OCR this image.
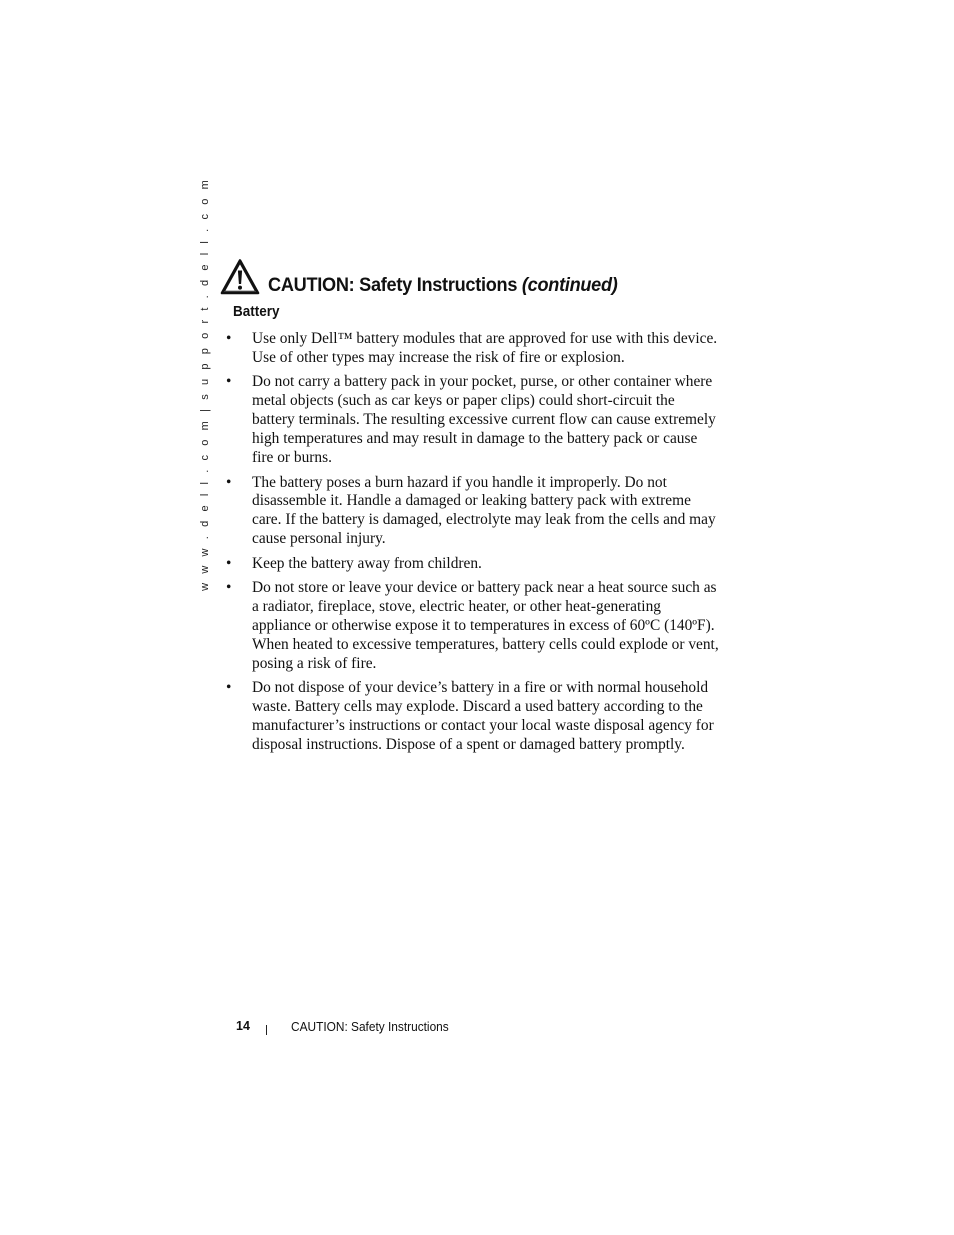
w w w . d e l l . c o m | s u p p o r t . d e l l . c o m	CAUTION: Safety Instructions (continued)
Battery
• Use only Dell™ battery modules that are approved for use with this device. Use of other types may increase the risk of fire or explosion.
• Do not carry a battery pack in your pocket, purse, or other container where metal objects (such as car keys or paper clips) could short-circuit the battery terminals. The resulting excessive current flow can cause extremely high temperatures and may result in damage to the battery pack or cause fire or burns.
• The battery poses a burn hazard if you handle it improperly. Do not disassemble it. Handle a damaged or leaking battery pack with extreme care. If the battery is damaged, electrolyte may leak from the cells and may cause personal injury.
• Keep the battery away from children.
• Do not store or leave your device or battery pack near a heat source such as a radiator, fireplace, stove, electric heater, or other heat-generating appliance or otherwise expose it to temperatures in excess of 60ºC (140ºF). When heated to excessive temperatures, battery cells could explode or vent, posing a risk of fire.
• Do not dispose of your device’s battery in a fire or with normal household waste. Battery cells may explode. Discard a used battery according to the manufacturer’s instructions or contact your local waste disposal agency for disposal instructions. Dispose of a spent or damaged battery promptly.
14	CAUTION: Safety Instructions
